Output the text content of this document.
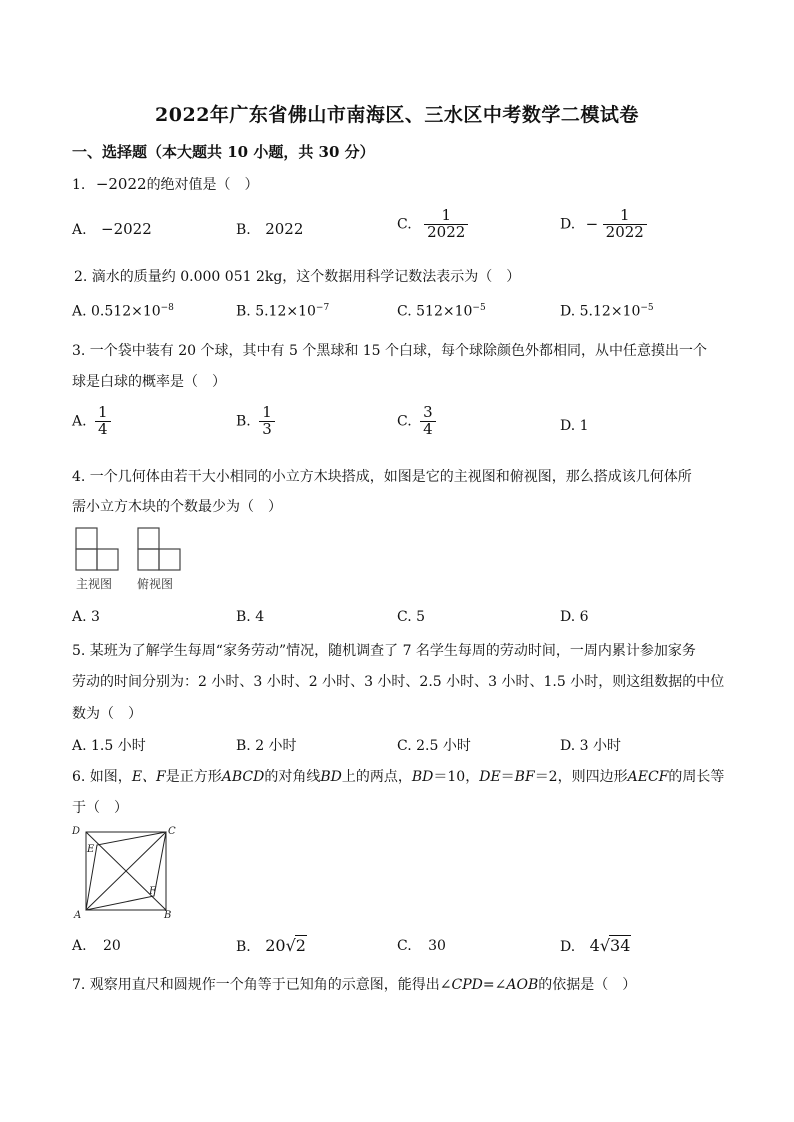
2022年广东省佛山市南海区、三水区中考数学二模试卷
一、选择题（本大题共 10 小题，共 30 分）
1. −2022的绝对值是（　）
A. −2022	B. 2022	C. $\frac{1}{2022}$	D. − $\frac{1}{2022}$
2. 滴水的质量约 0.000 051 2kg，这个数据用科学记数法表示为（　）
A. $0.512\times 10^{-8}$	B. $5.12\times 10^{-7}$	C. $512\times 10^{-5}$	D. $5.12\times 10^{-5}$
3. 一个袋中装有 20 个球，其中有 5 个黑球和 15 个白球，每个球除颜色外都相同，从中任意摸出一个
球是白球的概率是（　）
A. $\frac{1}{4}$	B. $\frac{1}{3}$	C. $\frac{3}{4}$	D. 1
4. 一个几何体由若干大小相同的小立方木块搭成，如图是它的主视图和俯视图，那么搭成该几何体所
需小立方木块的个数最少为（　）
主视图 俯视图
A. 3	B. 4	C. 5	D. 6
5. 某班为了解学生每周“家务劳动”情况，随机调查了 7 名学生每周的劳动时间，一周内累计参加家务
劳动的时间分别为：2 小时、3 小时、2 小时、3 小时、2.5 小时、3 小时、1.5 小时，则这组数据的中位
数为（　）
A. 1.5 小时	B. 2 小时	C. 2.5 小时	D. 3 小时
6. 如图，E、F是正方形ABCD的对角线BD上的两点，BD＝10，DE＝BF＝2，则四边形AECF的周长等
于（　）
D	C
E
F
A	B
A. 20	B. 20√2	C. 30	D. 4√34
7. 观察用直尺和圆规作一个角等于已知角的示意图，能得出∠CPD=∠AOB的依据是（　）
